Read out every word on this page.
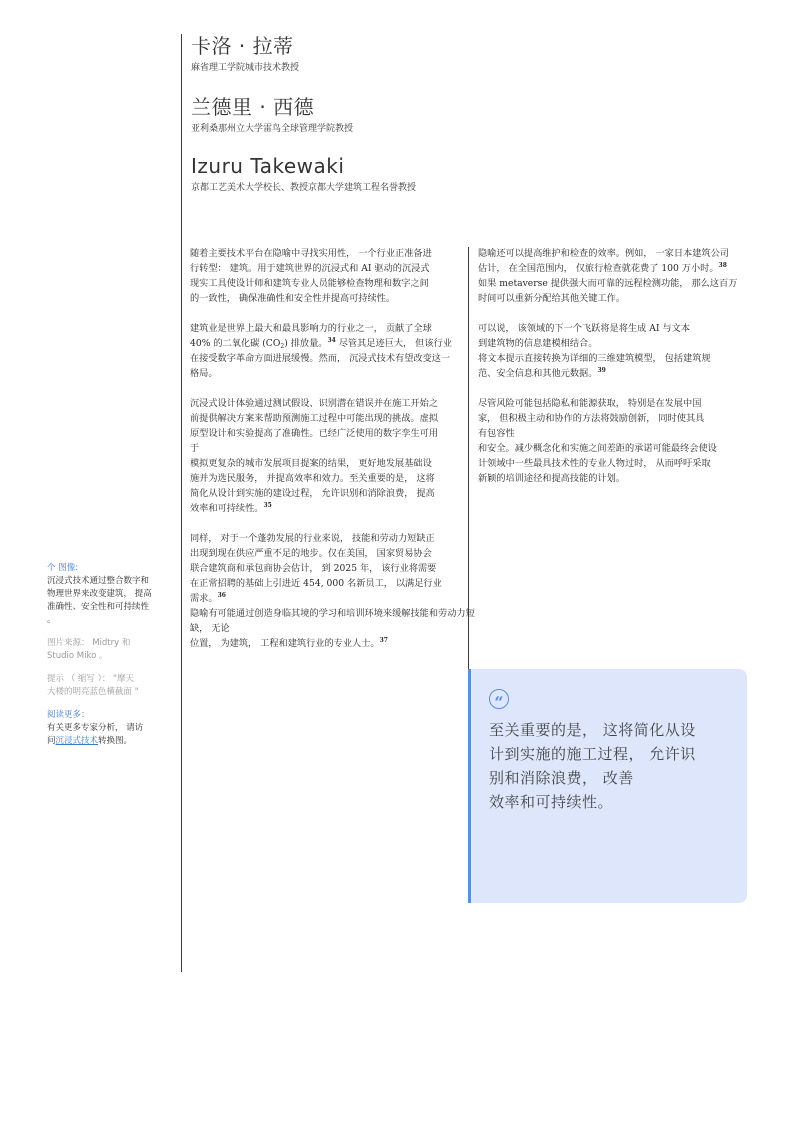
卡洛 · 拉蒂
麻省理工学院城市技术教授
兰德里 · 西德
亚利桑那州立大学雷鸟全球管理学院教授
Izuru Takewaki
京都工艺美术大学校长、教授京都大学建筑工程名誉教授

随着主要技术平台在隐喻中寻找实用性， 一个行业正准备进
行转型： 建筑。用于建筑世界的沉浸式和 AI 驱动的沉浸式
现实工具使设计师和建筑专业人员能够检查物理和数字之间
的一致性， 确保准确性和安全性并提高可持续性。

建筑业是世界上最大和最具影响力的行业之一， 贡献了全球
40% 的二氧化碳 $(CO_2)$ 排放量。$^{34}$ 尽管其足迹巨大， 但该行业
在接受数字革命方面进展缓慢。然而， 沉浸式技术有望改变这一
格局。

沉浸式设计体验通过测试假设、识别潜在错误并在施工开始之
前提供解决方案来帮助预测施工过程中可能出现的挑战。虚拟
原型设计和实验提高了准确性。已经广泛使用的数字孪生可用
于
模拟更复杂的城市发展项目提案的结果， 更好地发展基础设
施并为选民服务， 并提高效率和效力。至关重要的是， 这将
简化从设计到实施的建设过程， 允许识别和消除浪费， 提高
效率和可持续性。$^{35}$

同样， 对于一个蓬勃发展的行业来说， 技能和劳动力短缺正
出现到现在供应严重不足的地步。仅在美国， 国家贸易协会
联合建筑商和承包商协会估计， 到 2025 年， 该行业将需要
在正常招聘的基础上引进近 454, 000 名新员工， 以满足行业
需求。$^{36}$
隐喻有可能通过创造身临其境的学习和培训环境来缓解技能和劳动力短
缺， 无论
位置， 为建筑， 工程和建筑行业的专业人士。$^{37}$

隐喻还可以提高维护和检查的效率。例如， 一家日本建筑公司
估计， 在全国范围内， 仅旅行检查就花费了 100 万小时。$^{38}$
如果 metaverse 提供强大而可靠的远程检测功能， 那么这百万
时间可以重新分配给其他关键工作。

可以说， 该领域的下一个飞跃将是将生成 AI 与文本
到建筑物的信息建模相结合。
将文本提示直接转换为详细的三维建筑模型， 包括建筑规
范、安全信息和其他元数据。$^{39}$

尽管风险可能包括隐私和能源获取， 特别是在发展中国
家， 但积极主动和协作的方法将鼓励创新， 同时使其具
有包容性
和安全。减少概念化和实施之间差距的承诺可能最终会使设
计领域中一些最具技术性的专业人物过时， 从而呼吁采取
新颖的培训途径和提高技能的计划。

个 图像:
沉浸式技术通过整合数字和
物理世界来改变建筑， 提高
准确性、安全性和可持续性
。
图片来源： Midtry 和
Studio Miko 。
提示 （ 缩写 ）： "摩天
大楼的明亮蓝色横截面 "
阅读更多：
有关更多专家分析， 请访
问沉浸式技术转换图。
“
至关重要的是， 这将简化从设
计到实施的施工过程， 允许识
别和消除浪费， 改善
效率和可持续性。
